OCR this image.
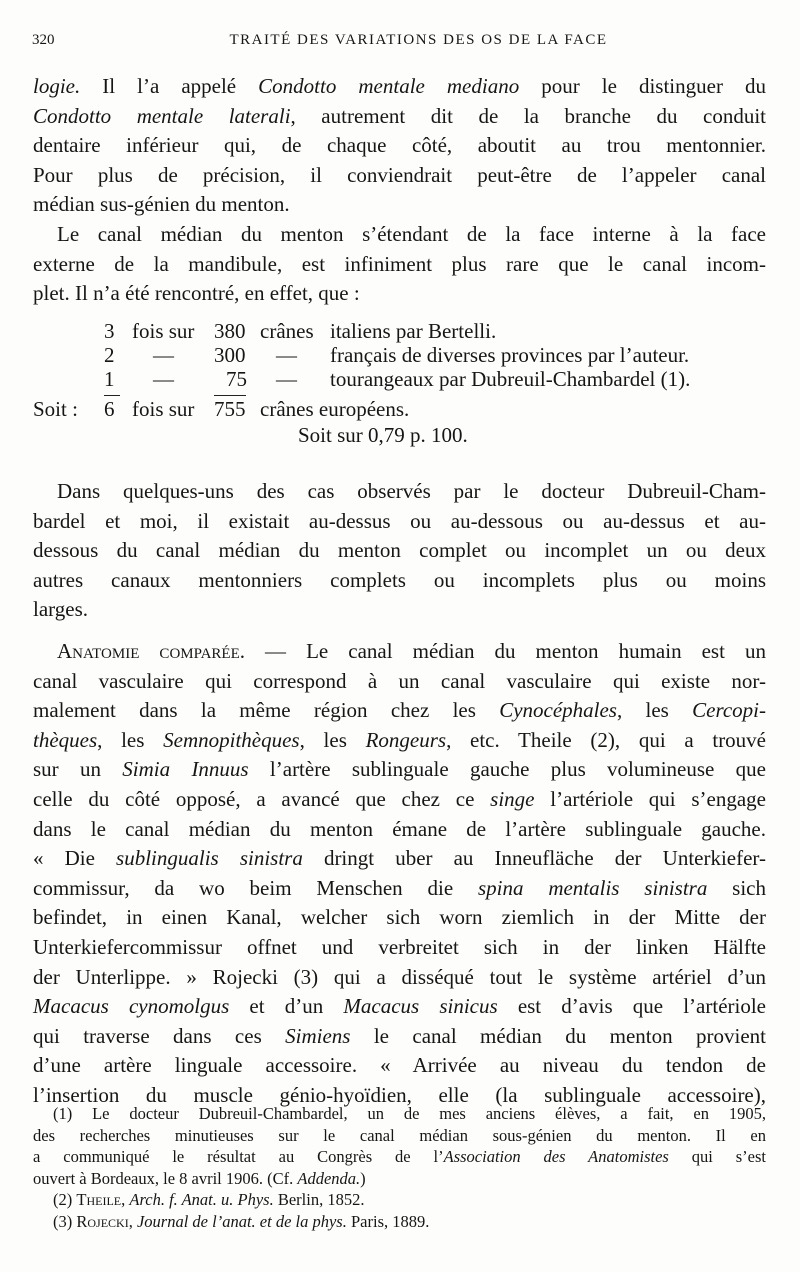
320	TRAITÉ DES VARIATIONS DES OS DE LA FACE
logie. Il l’a appelé Condotto mentale mediano pour le distinguer du
Condotto mentale laterali, autrement dit de la branche du conduit
dentaire inférieur qui, de chaque côté, aboutit au trou mentonnier.
Pour plus de précision, il conviendrait peut-être de l’appeler canal
médian sus-génien du menton.
Le canal médian du menton s’étendant de la face interne à la face
externe de la mandibule, est infiniment plus rare que le canal incom-
plet. Il n’a été rencontré, en effet, que :
3 fois sur 380 crânes italiens par Bertelli.
2 — 300 — français de diverses provinces par l’auteur.
1 — 75 — tourangeaux par Dubreuil-Chambardel (1).
Soit : 6 fois sur 755 crânes européens.
Soit sur 0,79 p. 100.
Dans quelques-uns des cas observés par le docteur Dubreuil-Cham-
bardel et moi, il existait au-dessus ou au-dessous ou au-dessus et au-
dessous du canal médian du menton complet ou incomplet un ou deux
autres canaux mentonniers complets ou incomplets plus ou moins
larges.
Anatomie comparée. — Le canal médian du menton humain est un
canal vasculaire qui correspond à un canal vasculaire qui existe nor-
malement dans la même région chez les Cynocéphales, les Cercopi-
thèques, les Semnopithèques, les Rongeurs, etc. Theile (2), qui a trouvé
sur un Simia Innuus l’artère sublinguale gauche plus volumineuse que
celle du côté opposé, a avancé que chez ce singe l’artériole qui s’engage
dans le canal médian du menton émane de l’artère sublinguale gauche.
« Die sublingualis sinistra dringt uber au Inneufläche der Unterkiefer-
commissur, da wo beim Menschen die spina mentalis sinistra sich
befindet, in einen Kanal, welcher sich worn ziemlich in der Mitte der
Unterkiefercommissur offnet und verbreitet sich in der linken Hälfte
der Unterlippe. » Rojecki (3) qui a disséqué tout le système artériel d’un
Macacus cynomolgus et d’un Macacus sinicus est d’avis que l’artériole
qui traverse dans ces Simiens le canal médian du menton provient
d’une artère linguale accessoire. « Arrivée au niveau du tendon de
l’insertion du muscle génio-hyoïdien, elle (la sublinguale accessoire),
(1) Le docteur Dubreuil-Chambardel, un de mes anciens élèves, a fait, en 1905,
des recherches minutieuses sur le canal médian sous-génien du menton. Il en
a communiqué le résultat au Congrès de l’Association des Anatomistes qui s’est
ouvert à Bordeaux, le 8 avril 1906. (Cf. Addenda.)
(2) Theile, Arch. f. Anat. u. Phys. Berlin, 1852.
(3) Rojecki, Journal de l’anat. et de la phys. Paris, 1889.
